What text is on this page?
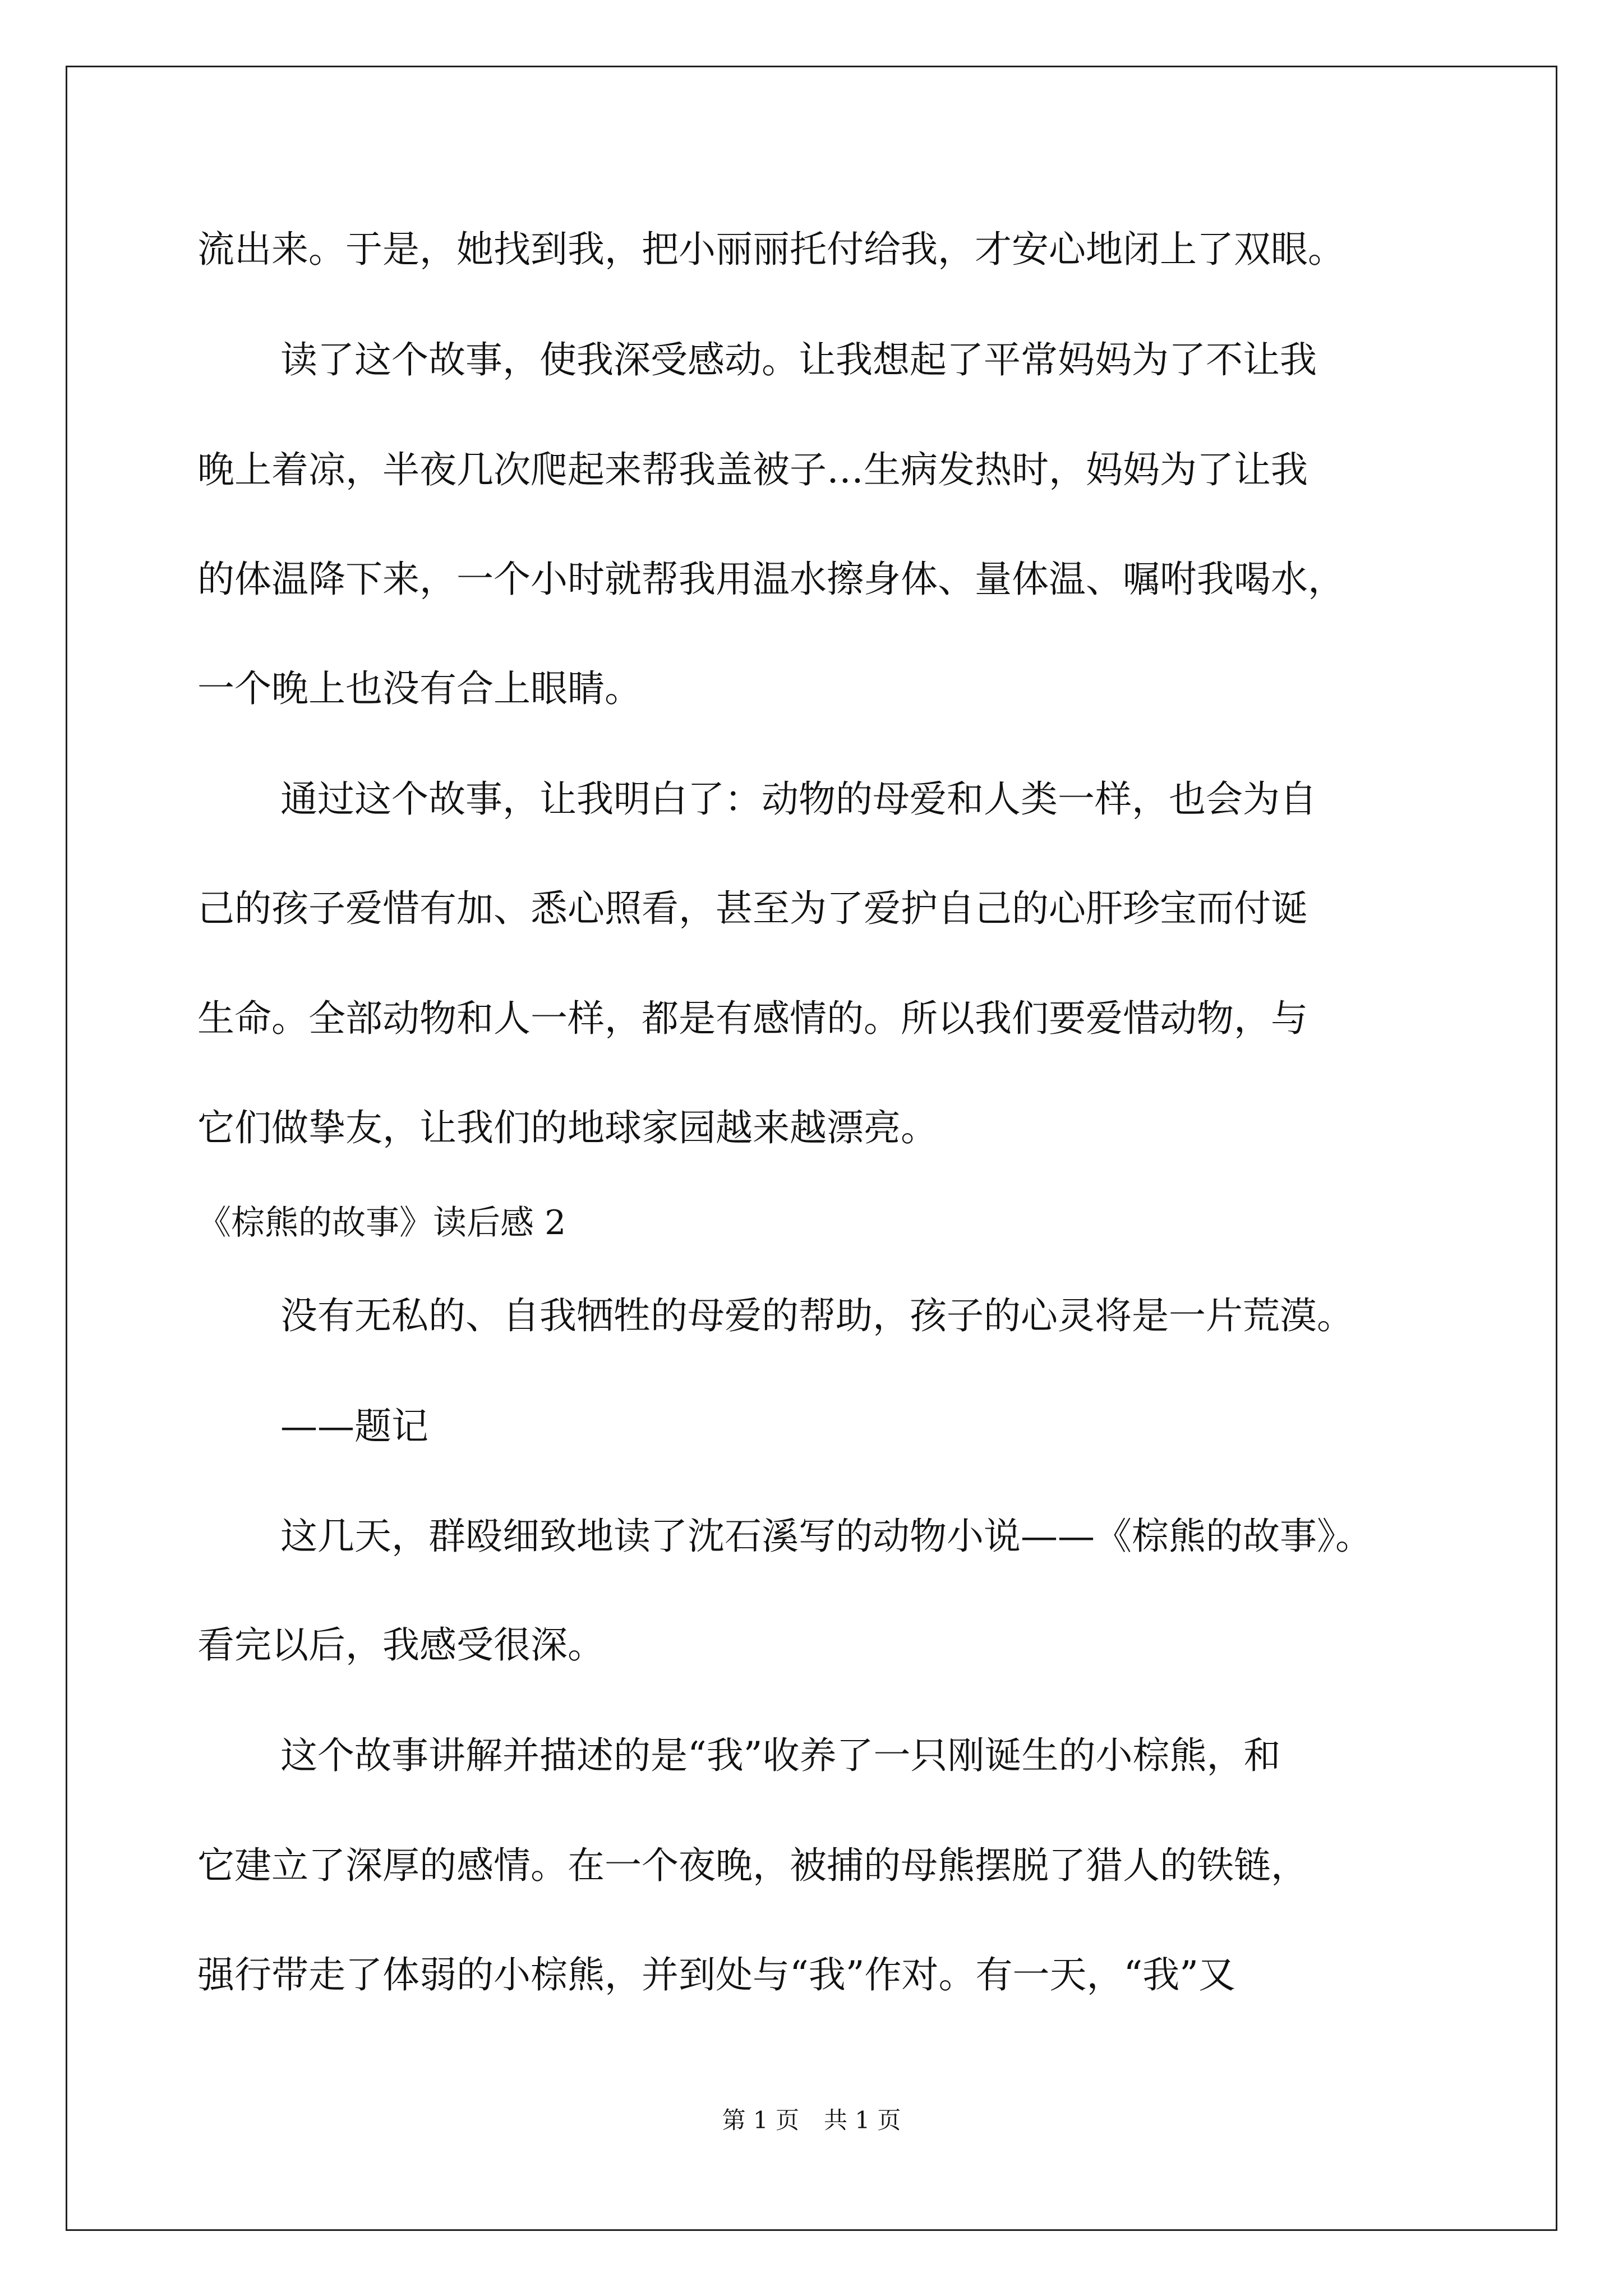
流出来。于是，她找到我，把小丽丽托付给我，才安心地闭上了双眼。
读了这个故事，使我深受感动。让我想起了平常妈妈为了不让我
晚上着凉，半夜几次爬起来帮我盖被子…生病发热时，妈妈为了让我
的体温降下来，一个小时就帮我用温水擦身体、量体温、嘱咐我喝水，
一个晚上也没有合上眼睛。
通过这个故事，让我明白了：动物的母爱和人类一样，也会为自
己的孩子爱惜有加、悉心照看，甚至为了爱护自己的心肝珍宝而付诞
生命。全部动物和人一样，都是有感情的。所以我们要爱惜动物，与
它们做挚友，让我们的地球家园越来越漂亮。
《棕熊的故事》读后感 2
没有无私的、自我牺牲的母爱的帮助，孩子的心灵将是一片荒漠。
——题记
这几天，群殴细致地读了沈石溪写的动物小说——《棕熊的故事》。
看完以后，我感受很深。
这个故事讲解并描述的是“我”收养了一只刚诞生的小棕熊，和
它建立了深厚的感情。在一个夜晚，被捕的母熊摆脱了猎人的铁链，
强行带走了体弱的小棕熊，并到处与“我”作对。有一天，“我”又
第 1 页 共 1 页
